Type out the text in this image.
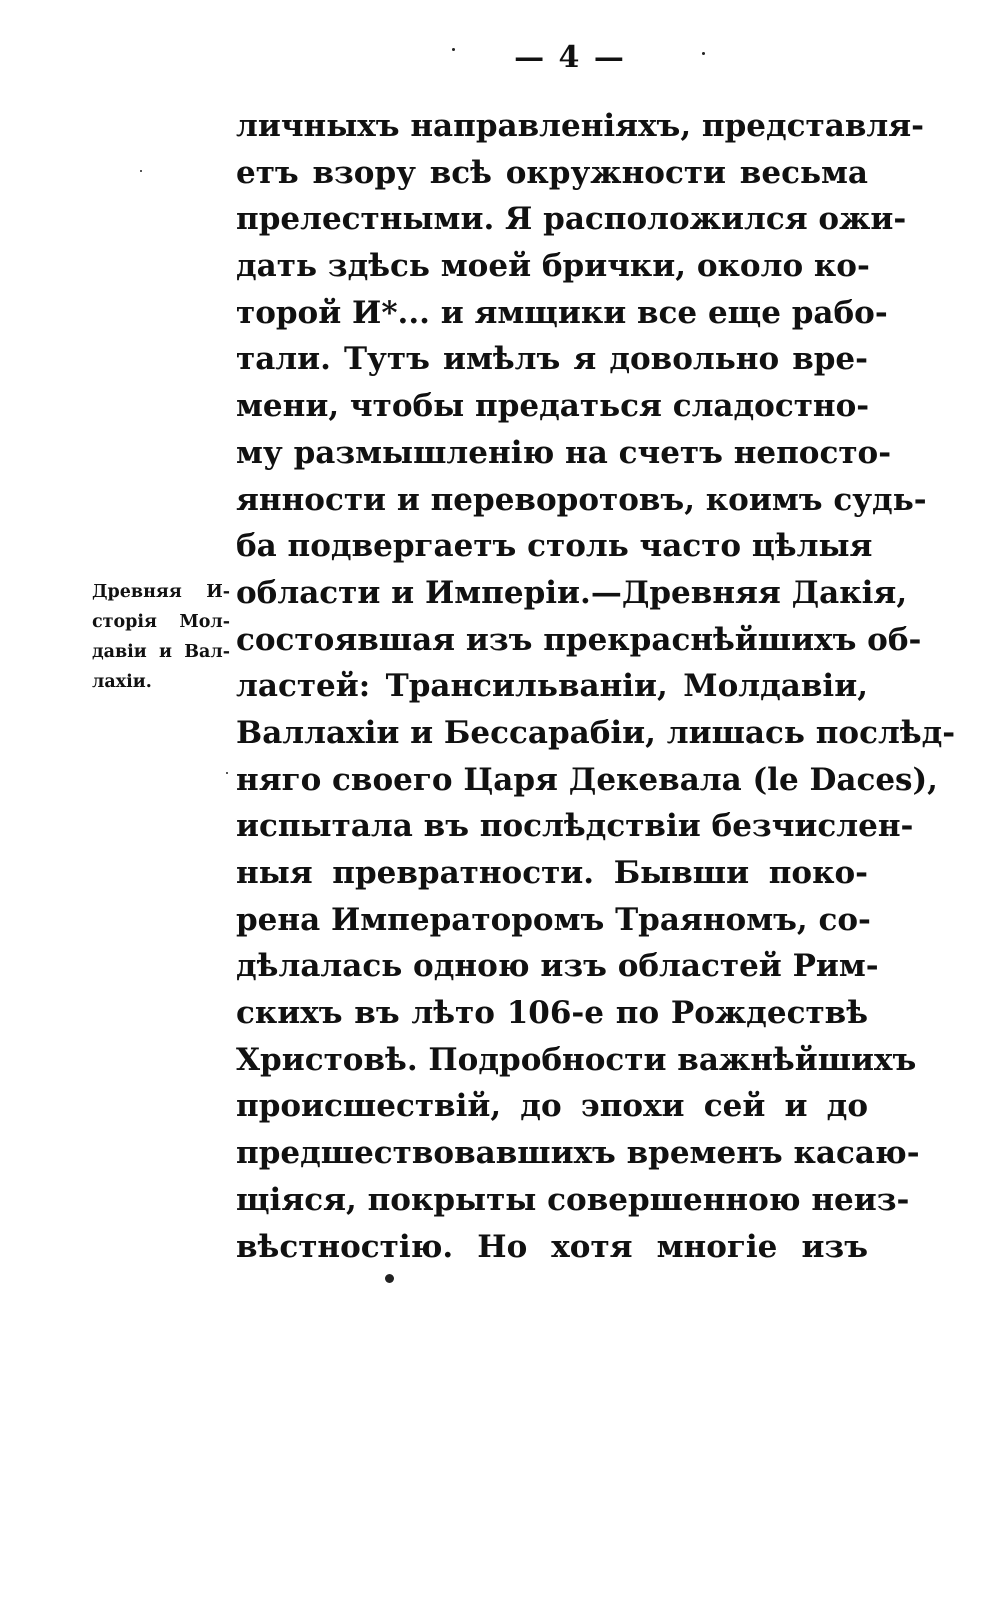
— 4 —
Древняя И-
сторія Мол-
давіи и Вал-
лахіи.
личныхъ направленіяхъ, представля-
етъ взору всѣ окружности весьма
прелестными. Я расположился ожи-
дать здѣсь моей брички, около ко-
торой И*... и ямщики все еще рабо-
тали. Тутъ имѣлъ я довольно вре-
мени, чтобы предаться сладостно-
му размышленію на счетъ непосто-
янности и переворотовъ, коимъ судь-
ба подвергаетъ столь часто цѣлыя
области и Имперіи.—Древняя Дакія,
состоявшая изъ прекраснѣйшихъ об-
ластей: Трансильваніи, Молдавіи,
Валлахіи и Бессарабіи, лишась послѣд-
няго своего Царя Декевала (le Daces),
испытала въ послѣдствіи безчислен-
ныя превратности. Бывши поко-
рена Императоромъ Траяномъ, со-
дѣлалась одною изъ областей Рим-
скихъ въ лѣто 106-е по Рождествѣ
Христовѣ. Подробности важнѣйшихъ
происшествій, до эпохи сей и до
предшествовавшихъ временъ касаю-
щіяся, покрыты совершенною неиз-
вѣстностію. Но хотя многіе изъ
